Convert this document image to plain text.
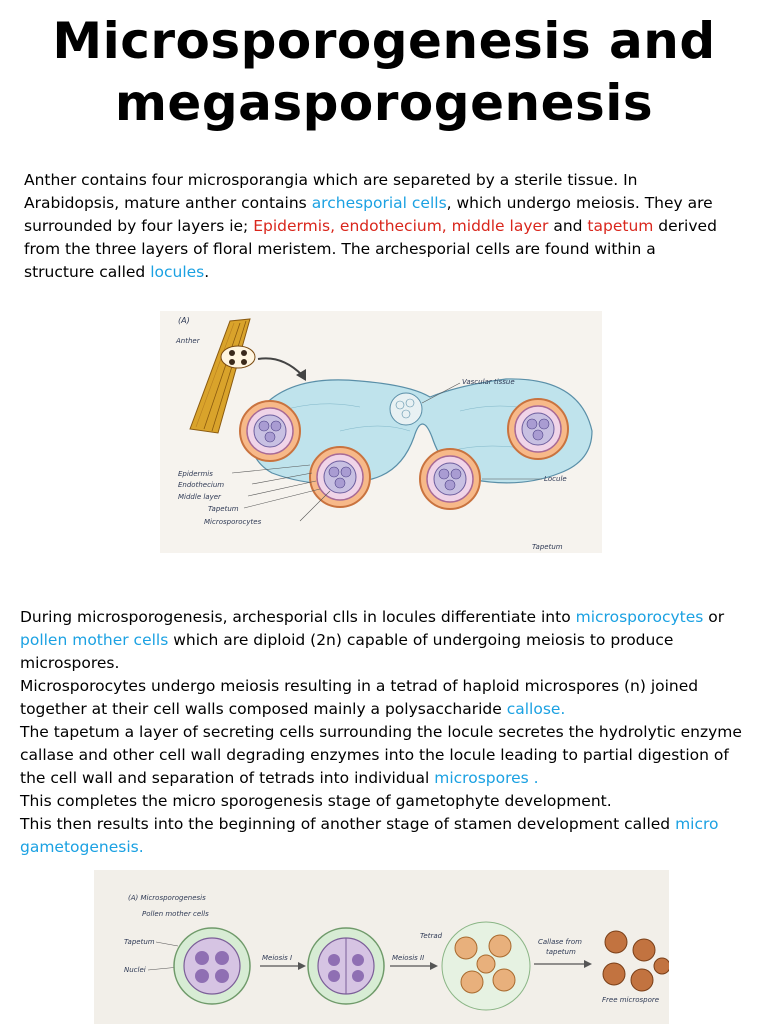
Microsporogenesis and
megasporogenesis

Anther contains four microsporangia which are separeted by a sterile tissue. In Arabidopsis, mature anther contains archesporial cells, which undergo meiosis. They are surrounded by four layers ie; Epidermis, endothecium, middle layer and tapetum derived from the three layers of floral meristem. The archesporial cells are found within a structure called locules.

(A)
Anther
Vascular tissue
Epidermis
Endothecium
Middle layer
Tapetum
Microsporocytes
Locule
Tapetum

During microsporogenesis, archesporial clls in locules differentiate into microsporocytes or
pollen mother cells which are diploid (2n) capable of undergoing meiosis to produce microspores.
Microsporocytes undergo meiosis resulting in a tetrad of haploid microspores (n) joined together at their cell walls composed mainly a polysaccharide callose.
The tapetum a layer of secreting cells surrounding the locule secretes the hydrolytic enzyme callase and other cell wall degrading enzymes into the locule leading to partial digestion of the cell wall and separation of tetrads into individual microspores .
This completes the micro sporogenesis stage of gametophyte development.
This then results into the beginning of another stage of stamen development called micro gametogenesis.

(A) Microsporogenesis
Pollen mother cells
Tapetum
Nuclei
Meiosis I	Meiosis II
Tetrad
Callase from
tapetum
Free microspore
